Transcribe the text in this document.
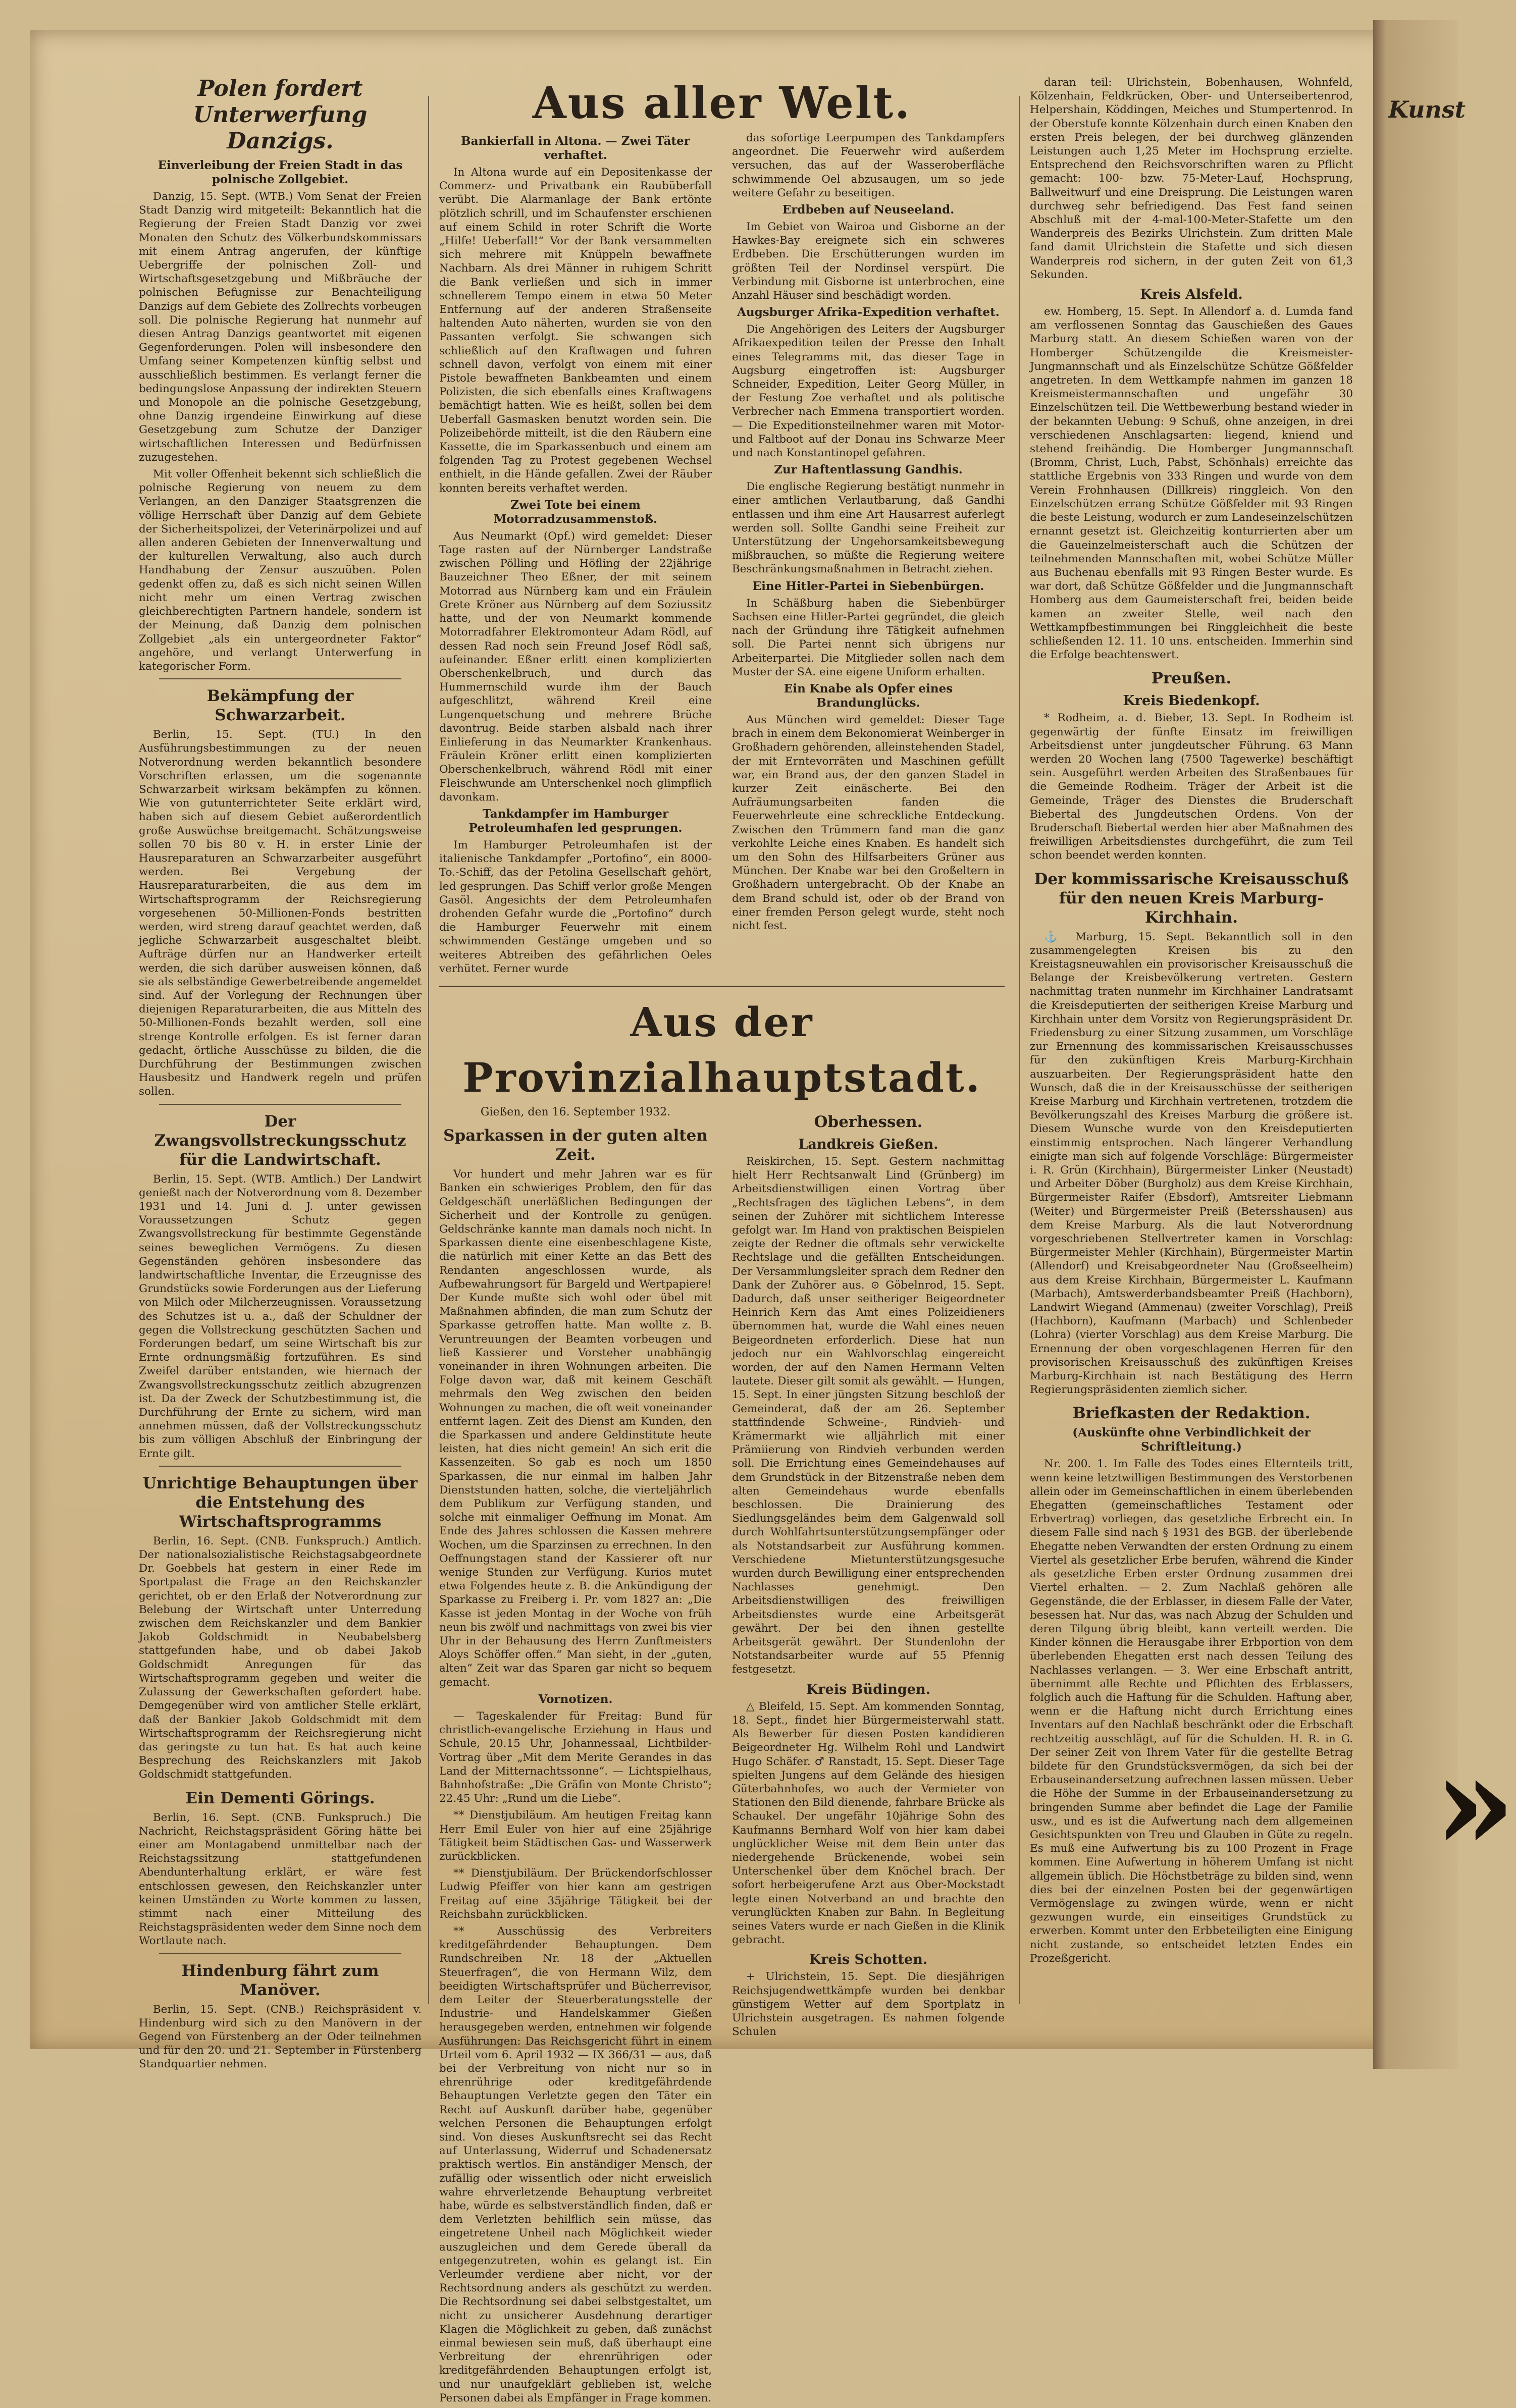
Kunst
»
Polen fordert Unterwerfung Danzigs.
Einverleibung der Freien Stadt in das polnische Zollgebiet.

Danzig, 15. Sept. (WTB.) Vom Senat der Freien Stadt Danzig wird mitgeteilt: Bekanntlich hat die Regierung der Freien Stadt Danzig vor zwei Monaten den Schutz des Völkerbundskommissars mit einem Antrag angerufen, der künftige Uebergriffe der polnischen Zoll- und Wirtschaftsgesetzgebung und Mißbräuche der polnischen Befugnisse zur Benachteiligung Danzigs auf dem Gebiete des Zollrechts vorbeugen soll. Die polnische Regierung hat nunmehr auf diesen Antrag Danzigs geantwortet mit eigenen Gegenforderungen. Polen will insbesondere den Umfang seiner Kompetenzen künftig selbst und ausschließlich bestimmen. Es verlangt ferner die bedingungslose Anpassung der indirekten Steuern und Monopole an die polnische Gesetzgebung, ohne Danzig irgendeine Einwirkung auf diese Gesetzgebung zum Schutze der Danziger wirtschaftlichen Interessen und Bedürfnissen zuzugestehen.

Mit voller Offenheit bekennt sich schließlich die polnische Regierung von neuem zu dem Verlangen, an den Danziger Staatsgrenzen die völlige Herrschaft über Danzig auf dem Gebiete der Sicherheitspolizei, der Veterinärpolizei und auf allen anderen Gebieten der Innenverwaltung und der kulturellen Verwaltung, also auch durch Handhabung der Zensur auszuüben. Polen gedenkt offen zu, daß es sich nicht seinen Willen nicht mehr um einen Vertrag zwischen gleichberechtigten Partnern handele, sondern ist der Meinung, daß Danzig dem polnischen Zollgebiet „als ein untergeordneter Faktor“ angehöre, und verlangt Unterwerfung in kategorischer Form.

Bekämpfung der Schwarzarbeit.

Berlin, 15. Sept. (TU.) In den Ausführungsbestimmungen zu der neuen Notverordnung werden bekanntlich besondere Vorschriften erlassen, um die sogenannte Schwarzarbeit wirksam bekämpfen zu können. Wie von gutunterrichteter Seite erklärt wird, haben sich auf diesem Gebiet außerordentlich große Auswüchse breitgemacht. Schätzungsweise sollen 70 bis 80 v. H. in erster Linie der Hausreparaturen an Schwarzarbeiter ausgeführt werden. Bei Vergebung der Hausreparaturarbeiten, die aus dem im Wirtschaftsprogramm der Reichsregierung vorgesehenen 50-Millionen-Fonds bestritten werden, wird streng darauf geachtet werden, daß jegliche Schwarzarbeit ausgeschaltet bleibt. Aufträge dürfen nur an Handwerker erteilt werden, die sich darüber ausweisen können, daß sie als selbständige Gewerbetreibende angemeldet sind. Auf der Vorlegung der Rechnungen über diejenigen Reparaturarbeiten, die aus Mitteln des 50-Millionen-Fonds bezahlt werden, soll eine strenge Kontrolle erfolgen. Es ist ferner daran gedacht, örtliche Ausschüsse zu bilden, die die Durchführung der Bestimmungen zwischen Hausbesitz und Handwerk regeln und prüfen sollen.

Der Zwangsvollstreckungsschutz für die Landwirtschaft.

Berlin, 15. Sept. (WTB. Amtlich.) Der Landwirt genießt nach der Notverordnung vom 8. Dezember 1931 und 14. Juni d. J. unter gewissen Voraussetzungen Schutz gegen Zwangsvollstreckung für bestimmte Gegenstände seines beweglichen Vermögens. Zu diesen Gegenständen gehören insbesondere das landwirtschaftliche Inventar, die Erzeugnisse des Grundstücks sowie Forderungen aus der Lieferung von Milch oder Milcherzeugnissen. Voraussetzung des Schutzes ist u. a., daß der Schuldner der gegen die Vollstreckung geschützten Sachen und Forderungen bedarf, um seine Wirtschaft bis zur Ernte ordnungsmäßig fortzuführen. Es sind Zweifel darüber entstanden, wie hiernach der Zwangsvollstreckungsschutz zeitlich abzugrenzen ist. Da der Zweck der Schutzbestimmung ist, die Durchführung der Ernte zu sichern, wird man annehmen müssen, daß der Vollstreckungsschutz bis zum völligen Abschluß der Einbringung der Ernte gilt.

Unrichtige Behauptungen über die Entstehung des Wirtschaftsprogramms

Berlin, 16. Sept. (CNB. Funkspruch.) Amtlich. Der nationalsozialistische Reichstagsabgeordnete Dr. Goebbels hat gestern in einer Rede im Sportpalast die Frage an den Reichskanzler gerichtet, ob er den Erlaß der Notverordnung zur Belebung der Wirtschaft unter Unterredung zwischen dem Reichskanzler und dem Bankier Jakob Goldschmidt in Neubabelsberg stattgefunden habe, und ob dabei Jakob Goldschmidt Anregungen für das Wirtschaftsprogramm gegeben und weiter die Zulassung der Gewerkschaften gefordert habe. Demgegenüber wird von amtlicher Stelle erklärt, daß der Bankier Jakob Goldschmidt mit dem Wirtschaftsprogramm der Reichsregierung nicht das geringste zu tun hat. Es hat auch keine Besprechung des Reichskanzlers mit Jakob Goldschmidt stattgefunden.

Ein Dementi Görings.

Berlin, 16. Sept. (CNB. Funkspruch.) Die Nachricht, Reichstagspräsident Göring hätte bei einer am Montagabend unmittelbar nach der Reichstagssitzung stattgefundenen Abendunterhaltung erklärt, er wäre fest entschlossen gewesen, den Reichskanzler unter keinen Umständen zu Worte kommen zu lassen, stimmt nach einer Mitteilung des Reichstagspräsidenten weder dem Sinne noch dem Wortlaute nach.

Hindenburg fährt zum Manöver.

Berlin, 15. Sept. (CNB.) Reichspräsident v. Hindenburg wird sich zu den Manövern in der Gegend von Fürstenberg an der Oder teilnehmen und für den 20. und 21. September in Fürstenberg Standquartier nehmen.

Aus aller Welt.
Bankierfall in Altona. — Zwei Täter verhaftet.

In Altona wurde auf ein Depositenkasse der Commerz- und Privatbank ein Raubüberfall verübt. Die Alarmanlage der Bank ertönte plötzlich schrill, und im Schaufenster erschienen auf einem Schild in roter Schrift die Worte „Hilfe! Ueberfall!“ Vor der Bank versammelten sich mehrere mit Knüppeln bewaffnete Nachbarn. Als drei Männer in ruhigem Schritt die Bank verließen und sich in immer schnellerem Tempo einem in etwa 50 Meter Entfernung auf der anderen Straßenseite haltenden Auto näherten, wurden sie von den Passanten verfolgt. Sie schwangen sich schließlich auf den Kraftwagen und fuhren schnell davon, verfolgt von einem mit einer Pistole bewaffneten Bankbeamten und einem Polizisten, die sich ebenfalls eines Kraftwagens bemächtigt hatten. Wie es heißt, sollen bei dem Ueberfall Gasmasken benutzt worden sein. Die Polizeibehörde mitteilt, ist die den Räubern eine Kassette, die im Sparkassenbuch und einem am folgenden Tag zu Protest gegebenen Wechsel enthielt, in die Hände gefallen. Zwei der Räuber konnten bereits verhaftet werden.

Zwei Tote bei einem Motorradzusammenstoß.

Aus Neumarkt (Opf.) wird gemeldet: Dieser Tage rasten auf der Nürnberger Landstraße zwischen Pölling und Höfling der 22jährige Bauzeichner Theo Eßner, der mit seinem Motorrad aus Nürnberg kam und ein Fräulein Grete Kröner aus Nürnberg auf dem Soziussitz hatte, und der von Neumarkt kommende Motorradfahrer Elektromonteur Adam Rödl, auf dessen Rad noch sein Freund Josef Rödl saß, aufeinander. Eßner erlitt einen komplizierten Oberschenkelbruch, und durch das Hummernschild wurde ihm der Bauch aufgeschlitzt, während Kreil eine Lungenquetschung und mehrere Brüche davontrug. Beide starben alsbald nach ihrer Einlieferung in das Neumarkter Krankenhaus. Fräulein Kröner erlitt einen komplizierten Oberschenkelbruch, während Rödl mit einer Fleischwunde am Unterschenkel noch glimpflich davonkam.

Tankdampfer im Hamburger Petroleumhafen led gesprungen.

Im Hamburger Petroleumhafen ist der italienische Tankdampfer „Portofino“, ein 8000-To.-Schiff, das der Petolina Gesellschaft gehört, led gesprungen. Das Schiff verlor große Mengen Gasöl. Angesichts der dem Petroleumhafen drohenden Gefahr wurde die „Portofino“ durch die Hamburger Feuerwehr mit einem schwimmenden Gestänge umgeben und so weiteres Abtreiben des gefährlichen Oeles verhütet. Ferner wurde

das sofortige Leerpumpen des Tankdampfers angeordnet. Die Feuerwehr wird außerdem versuchen, das auf der Wasseroberfläche schwimmende Oel abzusaugen, um so jede weitere Gefahr zu beseitigen.

Erdbeben auf Neuseeland.

Im Gebiet von Wairoa und Gisborne an der Hawkes-Bay ereignete sich ein schweres Erdbeben. Die Erschütterungen wurden im größten Teil der Nordinsel verspürt. Die Verbindung mit Gisborne ist unterbrochen, eine Anzahl Häuser sind beschädigt worden.

Augsburger Afrika-Expedition verhaftet.

Die Angehörigen des Leiters der Augsburger Afrikaexpedition teilen der Presse den Inhalt eines Telegramms mit, das dieser Tage in Augsburg eingetroffen ist: Augsburger Schneider, Expedition, Leiter Georg Müller, in der Festung Zoe verhaftet und als politische Verbrecher nach Emmena transportiert worden. — Die Expeditionsteilnehmer waren mit Motor- und Faltboot auf der Donau ins Schwarze Meer und nach Konstantinopel gefahren.

Zur Haftentlassung Gandhis.

Die englische Regierung bestätigt nunmehr in einer amtlichen Verlautbarung, daß Gandhi entlassen und ihm eine Art Hausarrest auferlegt werden soll. Sollte Gandhi seine Freiheit zur Unterstützung der Ungehorsamkeitsbewegung mißbrauchen, so müßte die Regierung weitere Beschränkungsmaßnahmen in Betracht ziehen.

Eine Hitler-Partei in Siebenbürgen.

In Schäßburg haben die Siebenbürger Sachsen eine Hitler-Partei gegründet, die gleich nach der Gründung ihre Tätigkeit aufnehmen soll. Die Partei nennt sich übrigens nur Arbeiterpartei. Die Mitglieder sollen nach dem Muster der SA. eine eigene Uniform erhalten.

Ein Knabe als Opfer eines Brandunglücks.

Aus München wird gemeldet: Dieser Tage brach in einem dem Bekonomierat Weinberger in Großhadern gehörenden, alleinstehenden Stadel, der mit Erntevorräten und Maschinen gefüllt war, ein Brand aus, der den ganzen Stadel in kurzer Zeit einäscherte. Bei den Aufräumungsarbeiten fanden die Feuerwehrleute eine schreckliche Entdeckung. Zwischen den Trümmern fand man die ganz verkohlte Leiche eines Knaben. Es handelt sich um den Sohn des Hilfsarbeiters Grüner aus München. Der Knabe war bei den Großeltern in Großhadern untergebracht. Ob der Knabe an dem Brand schuld ist, oder ob der Brand von einer fremden Person gelegt wurde, steht noch nicht fest.

Aus der Provinzialhauptstadt.

Gießen, den 16. September 1932.

Sparkassen in der guten alten Zeit.

Vor hundert und mehr Jahren war es für Banken ein schwieriges Problem, den für das Geldgeschäft unerläßlichen Bedingungen der Sicherheit und der Kontrolle zu genügen. Geldschränke kannte man damals noch nicht. In Sparkassen diente eine eisenbeschlagene Kiste, die natürlich mit einer Kette an das Bett des Rendanten angeschlossen wurde, als Aufbewahrungsort für Bargeld und Wertpapiere! Der Kunde mußte sich wohl oder übel mit Maßnahmen abfinden, die man zum Schutz der Sparkasse getroffen hatte. Man wollte z. B. Veruntreuungen der Beamten vorbeugen und ließ Kassierer und Vorsteher unabhängig voneinander in ihren Wohnungen arbeiten. Die Folge davon war, daß mit keinem Geschäft mehrmals den Weg zwischen den beiden Wohnungen zu machen, die oft weit voneinander entfernt lagen. Zeit des Dienst am Kunden, den die Sparkassen und andere Geldinstitute heute leisten, hat dies nicht gemein! An sich erit die Kassenzeiten. So gab es noch um 1850 Sparkassen, die nur einmal im halben Jahr Dienststunden hatten, solche, die vierteljährlich dem Publikum zur Verfügung standen, und solche mit einmaliger Oeffnung im Monat. Am Ende des Jahres schlossen die Kassen mehrere Wochen, um die Sparzinsen zu errechnen. In den Oeffnungstagen stand der Kassierer oft nur wenige Stunden zur Verfügung. Kurios mutet etwa Folgendes heute z. B. die Ankündigung der Sparkasse zu Freiberg i. Pr. vom 1827 an: „Die Kasse ist jeden Montag in der Woche von früh neun bis zwölf und nachmittags von zwei bis vier Uhr in der Behausung des Herrn Zunftmeisters Aloys Schöffer offen.“ Man sieht, in der „guten, alten“ Zeit war das Sparen gar nicht so bequem gemacht.

Vornotizen.

— Tageskalender für Freitag: Bund für christlich-evangelische Erziehung in Haus und Schule, 20.15 Uhr, Johannessaal, Lichtbilder-Vortrag über „Mit dem Merite Gerandes in das Land der Mitternachtssonne“. — Lichtspielhaus, Bahnhofstraße: „Die Gräfin von Monte Christo“; 22.45 Uhr: „Rund um die Liebe“.

** Dienstjubiläum. Am heutigen Freitag kann Herr Emil Euler von hier auf eine 25jährige Tätigkeit beim Städtischen Gas- und Wasserwerk zurückblicken.

** Dienstjubiläum. Der Brückendorfschlosser Ludwig Pfeiffer von hier kann am gestrigen Freitag auf eine 35jährige Tätigkeit bei der Reichsbahn zurückblicken.

** Ausschüssig des Verbreiters kreditgefährdender Behauptungen. Dem Rundschreiben Nr. 18 der „Aktuellen Steuerfragen“, die von Hermann Wilz, dem beeidigten Wirtschaftsprüfer und Bücherrevisor, dem Leiter der Steuerberatungsstelle der Industrie- und Handelskammer Gießen herausgegeben werden, entnehmen wir folgende Ausführungen: Das Reichsgericht führt in einem Urteil vom 6. April 1932 — IX 366/31 — aus, daß bei der Verbreitung von nicht nur so in ehrenrührige oder kreditgefährdende Behauptungen Verletzte gegen den Täter ein Recht auf Auskunft darüber habe, gegenüber welchen Personen die Behauptungen erfolgt sind. Von dieses Auskunftsrecht sei das Recht auf Unterlassung, Widerruf und Schadenersatz praktisch wertlos. Ein anständiger Mensch, der zufällig oder wissentlich oder nicht erweislich wahre ehrverletzende Behauptung verbreitet habe, würde es selbstverständlich finden, daß er dem Verletzten behilflich sein müsse, das eingetretene Unheil nach Möglichkeit wieder auszugleichen und dem Gerede überall da entgegenzutreten, wohin es gelangt ist. Ein Verleumder verdiene aber nicht, vor der Rechtsordnung anders als geschützt zu werden. Die Rechtsordnung sei dabei selbstgestaltet, um nicht zu unsicherer Ausdehnung derartiger Klagen die Möglichkeit zu geben, daß zunächst einmal bewiesen sein muß, daß überhaupt eine Verbreitung der ehrenrührigen oder kreditgefährdenden Behauptungen erfolgt ist, und nur unaufgeklärt geblieben ist, welche Personen dabei als Empfänger in Frage kommen.

Oberhessen.
Landkreis Gießen.

Reiskirchen, 15. Sept. Gestern nachmittag hielt Herr Rechtsanwalt Lind (Grünberg) im Arbeitsdienstwilligen einen Vortrag über „Rechtsfragen des täglichen Lebens“, in dem seinen der Zuhörer mit sichtlichem Interesse gefolgt war. Im Hand von praktischen Beispielen zeigte der Redner die oftmals sehr verwickelte Rechtslage und die gefällten Entscheidungen. Der Versammlungsleiter sprach dem Redner den Dank der Zuhörer aus. ⊙ Göbelnrod, 15. Sept. Dadurch, daß unser seitheriger Beigeordneter Heinrich Kern das Amt eines Polizeidieners übernommen hat, wurde die Wahl eines neuen Beigeordneten erforderlich. Diese hat nun jedoch nur ein Wahlvorschlag eingereicht worden, der auf den Namen Hermann Velten lautete. Dieser gilt somit als gewählt. — Hungen, 15. Sept. In einer jüngsten Sitzung beschloß der Gemeinderat, daß der am 26. September stattfindende Schweine-, Rindvieh- und Krämermarkt wie alljährlich mit einer Prämiierung von Rindvieh verbunden werden soll. Die Errichtung eines Gemeindehauses auf dem Grundstück in der Bitzenstraße neben dem alten Gemeindehaus wurde ebenfalls beschlossen. Die Drainierung des Siedlungsgeländes beim dem Galgenwald soll durch Wohlfahrtsunterstützungsempfänger oder als Notstandsarbeit zur Ausführung kommen. Verschiedene Mietunterstützungsgesuche wurden durch Bewilligung einer entsprechenden Nachlasses genehmigt. Den Arbeitsdienstwilligen des freiwilligen Arbeitsdienstes wurde eine Arbeitsgerät gewährt. Der bei den ihnen gestellte Arbeitsgerät gewährt. Der Stundenlohn der Notstandsarbeiter wurde auf 55 Pfennig festgesetzt.

Kreis Büdingen.

△ Bleifeld, 15. Sept. Am kommenden Sonntag, 18. Sept., findet hier Bürgermeisterwahl statt. Als Bewerber für diesen Posten kandidieren Beigeordneter Hg. Wilhelm Rohl und Landwirt Hugo Schäfer. ♂ Ranstadt, 15. Sept. Dieser Tage spielten Jungens auf dem Gelände des hiesigen Güterbahnhofes, wo auch der Vermieter von Stationen den Bild dienende, fahrbare Brücke als Schaukel. Der ungefähr 10jährige Sohn des Kaufmanns Bernhard Wolf von hier kam dabei unglücklicher Weise mit dem Bein unter das niedergehende Brückenende, wobei sein Unterschenkel über dem Knöchel brach. Der sofort herbeigerufene Arzt aus Ober-Mockstadt legte einen Notverband an und brachte den verunglückten Knaben zur Bahn. In Begleitung seines Vaters wurde er nach Gießen in die Klinik gebracht.

Kreis Schotten.

+ Ulrichstein, 15. Sept. Die diesjährigen Reichsjugendwettkämpfe wurden bei denkbar günstigem Wetter auf dem Sportplatz in Ulrichstein ausgetragen. Es nahmen folgende Schulen

daran teil: Ulrichstein, Bobenhausen, Wohnfeld, Kölzenhain, Feldkrücken, Ober- und Unterseibertenrod, Helpershain, Köddingen, Meiches und Stumpertenrod. In der Oberstufe konnte Kölzenhain durch einen Knaben den ersten Preis belegen, der bei durchweg glänzenden Leistungen auch 1,25 Meter im Hochsprung erzielte. Entsprechend den Reichsvorschriften waren zu Pflicht gemacht: 100- bzw. 75-Meter-Lauf, Hochsprung, Ballweitwurf und eine Dreisprung. Die Leistungen waren durchweg sehr befriedigend. Das Fest fand seinen Abschluß mit der 4-mal-100-Meter-Stafette um den Wanderpreis des Bezirks Ulrichstein. Zum dritten Male fand damit Ulrichstein die Stafette und sich diesen Wanderpreis rod sichern, in der guten Zeit von 61,3 Sekunden.

Kreis Alsfeld.

ew. Homberg, 15. Sept. In Allendorf a. d. Lumda fand am verflossenen Sonntag das Gauschießen des Gaues Marburg statt. An diesem Schießen waren von der Homberger Schützengilde die Kreismeister-Jungmannschaft und als Einzelschütze Schütze Gößfelder angetreten. In dem Wettkampfe nahmen im ganzen 18 Kreismeistermannschaften und ungefähr 30 Einzelschützen teil. Die Wettbewerbung bestand wieder in der bekannten Uebung: 9 Schuß, ohne anzeigen, in drei verschiedenen Anschlagsarten: liegend, kniend und stehend freihändig. Die Homberger Jungmannschaft (Bromm, Christ, Luch, Pabst, Schönhals) erreichte das stattliche Ergebnis von 333 Ringen und wurde von dem Verein Frohnhausen (Dillkreis) ringgleich. Von den Einzelschützen errang Schütze Gößfelder mit 93 Ringen die beste Leistung, wodurch er zum Landeseinzelschützen ernannt gesetzt ist. Gleichzeitig konturrierten aber um die Gaueinzelmeisterschaft auch die Schützen der teilnehmenden Mannschaften mit, wobei Schütze Müller aus Buchenau ebenfalls mit 93 Ringen Bester wurde. Es war dort, daß Schütze Gößfelder und die Jungmannschaft Homberg aus dem Gaumeisterschaft frei, beiden beide kamen an zweiter Stelle, weil nach den Wettkampfbestimmungen bei Ringgleichheit die beste schließenden 12. 11. 10 uns. entscheiden. Immerhin sind die Erfolge beachtenswert.

Preußen.
Kreis Biedenkopf.

* Rodheim, a. d. Bieber, 13. Sept. In Rodheim ist gegenwärtig der fünfte Einsatz im freiwilligen Arbeitsdienst unter jungdeutscher Führung. 63 Mann werden 20 Wochen lang (7500 Tagewerke) beschäftigt sein. Ausgeführt werden Arbeiten des Straßenbaues für die Gemeinde Rodheim. Träger der Arbeit ist die Gemeinde, Träger des Dienstes die Bruderschaft Biebertal des Jungdeutschen Ordens. Von der Bruderschaft Biebertal werden hier aber Maßnahmen des freiwilligen Arbeitsdienstes durchgeführt, die zum Teil schon beendet werden konnten.

Der kommissarische Kreisausschuß für den neuen Kreis Marburg-Kirchhain.

⚓ Marburg, 15. Sept. Bekanntlich soll in den zusammengelegten Kreisen bis zu den Kreistagsneuwahlen ein provisorischer Kreisausschuß die Belange der Kreisbevölkerung vertreten. Gestern nachmittag traten nunmehr im Kirchhainer Landratsamt die Kreisdeputierten der seitherigen Kreise Marburg und Kirchhain unter dem Vorsitz von Regierungspräsident Dr. Friedensburg zu einer Sitzung zusammen, um Vorschläge zur Ernennung des kommissarischen Kreisausschusses für den zukünftigen Kreis Marburg-Kirchhain auszuarbeiten. Der Regierungspräsident hatte den Wunsch, daß die in der Kreisausschüsse der seitherigen Kreise Marburg und Kirchhain vertretenen, trotzdem die Bevölkerungszahl des Kreises Marburg die größere ist. Diesem Wunsche wurde von den Kreisdeputierten einstimmig entsprochen. Nach längerer Verhandlung einigte man sich auf folgende Vorschläge: Bürgermeister i. R. Grün (Kirchhain), Bürgermeister Linker (Neustadt) und Arbeiter Döber (Burgholz) aus dem Kreise Kirchhain, Bürgermeister Raifer (Ebsdorf), Amtsreiter Liebmann (Weiter) und Bürgermeister Preiß (Betersshausen) aus dem Kreise Marburg. Als die laut Notverordnung vorgeschriebenen Stellvertreter kamen in Vorschlag: Bürgermeister Mehler (Kirchhain), Bürgermeister Martin (Allendorf) und Kreisabgeordneter Nau (Großseelheim) aus dem Kreise Kirchhain, Bürgermeister L. Kaufmann (Marbach), Amtswerderbandsbeamter Preiß (Hachborn), Landwirt Wiegand (Ammenau) (zweiter Vorschlag), Preiß (Hachborn), Kaufmann (Marbach) und Schlenbeder (Lohra) (vierter Vorschlag) aus dem Kreise Marburg. Die Ernennung der oben vorgeschlagenen Herren für den provisorischen Kreisausschuß des zukünftigen Kreises Marburg-Kirchhain ist nach Bestätigung des Herrn Regierungspräsidenten ziemlich sicher.

Briefkasten der Redaktion.
(Auskünfte ohne Verbindlichkeit der Schriftleitung.)

Nr. 200. 1. Im Falle des Todes eines Elternteils tritt, wenn keine letztwilligen Bestimmungen des Verstorbenen allein oder im Gemeinschaftlichen in einem überlebenden Ehegatten (gemeinschaftliches Testament oder Erbvertrag) vorliegen, das gesetzliche Erbrecht ein. In diesem Falle sind nach § 1931 des BGB. der überlebende Ehegatte neben Verwandten der ersten Ordnung zu einem Viertel als gesetzlicher Erbe berufen, während die Kinder als gesetzliche Erben erster Ordnung zusammen drei Viertel erhalten. — 2. Zum Nachlaß gehören alle Gegenstände, die der Erblasser, in diesem Falle der Vater, besessen hat. Nur das, was nach Abzug der Schulden und deren Tilgung übrig bleibt, kann verteilt werden. Die Kinder können die Herausgabe ihrer Erbportion von dem überlebenden Ehegatten erst nach dessen Teilung des Nachlasses verlangen. — 3. Wer eine Erbschaft antritt, übernimmt alle Rechte und Pflichten des Erblassers, folglich auch die Haftung für die Schulden. Haftung aber, wenn er die Haftung nicht durch Errichtung eines Inventars auf den Nachlaß beschränkt oder die Erbschaft rechtzeitig ausschlägt, auf für die Schulden. H. R. in G. Der seiner Zeit von Ihrem Vater für die gestellte Betrag bildete für den Grundstücksvermögen, da sich bei der Erbauseinandersetzung aufrechnen lassen müssen. Ueber die Höhe der Summe in der Erbauseinandersetzung zu bringenden Summe aber befindet die Lage der Familie usw., und es ist die Aufwertung nach dem allgemeinen Gesichtspunkten von Treu und Glauben in Güte zu regeln. Es muß eine Aufwertung bis zu 100 Prozent in Frage kommen. Eine Aufwertung in höherem Umfang ist nicht allgemein üblich. Die Höchstbeträge zu bilden sind, wenn dies bei der einzelnen Posten bei der gegenwärtigen Vermögenslage zu zwingen würde, wenn er nicht gezwungen wurde, ein einseitiges Grundstück zu erwerben. Kommt unter den Erbbeteiligten eine Einigung nicht zustande, so entscheidet letzten Endes ein Prozeßgericht.
